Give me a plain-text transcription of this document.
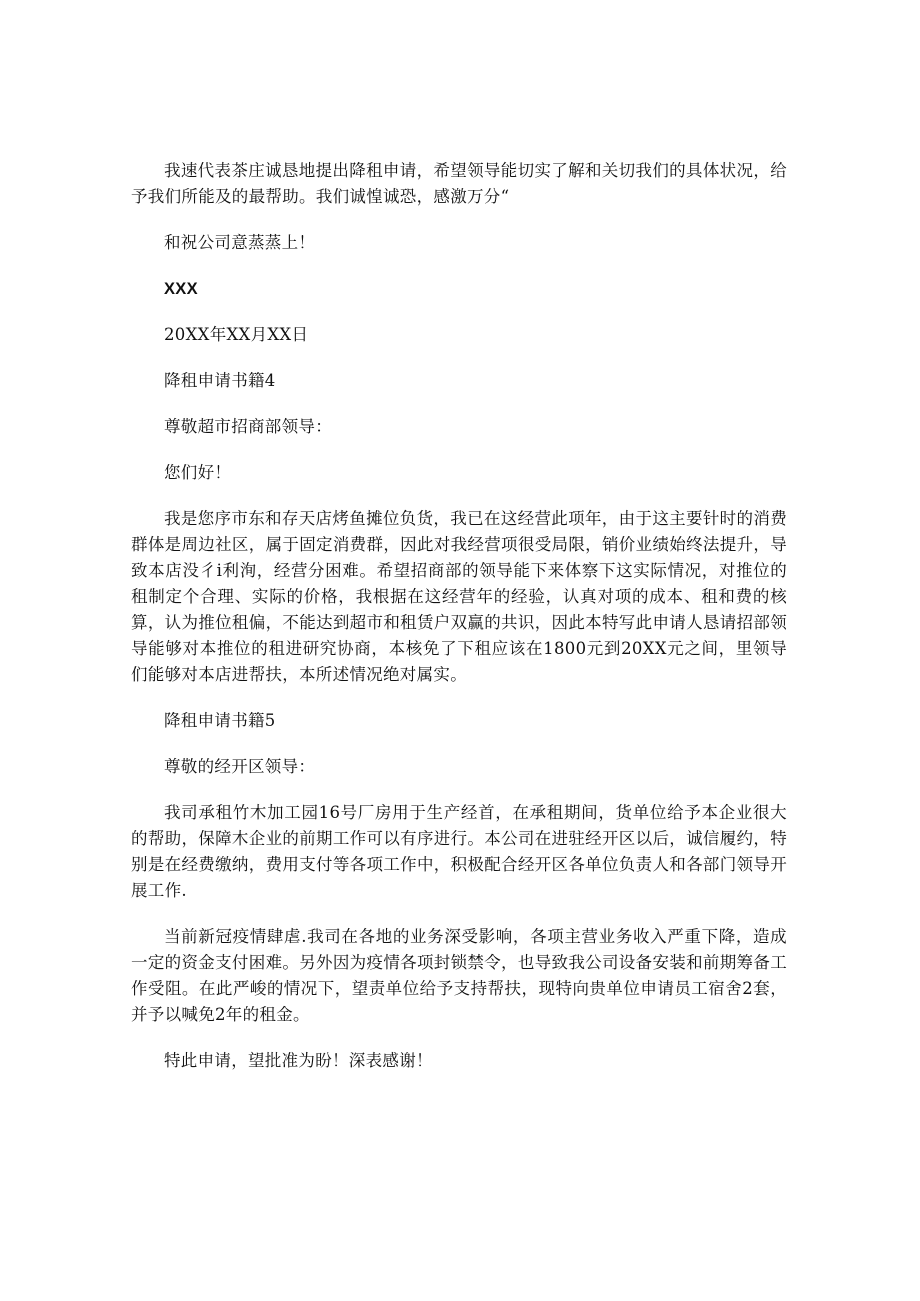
我速代表茶庄诚恳地提出降租申请，希望领导能切实了解和关切我们的具体状况，给予我们所能及的最帮助。我们诚惶诚恐，感激万分“

和祝公司意蒸蒸上！

XXX

20XX年XX月XX日

降租申请书籍4

尊敬超市招商部领导：

您们好！

我是您序市东和存天店烤鱼摊位负货，我已在这经营此项年，由于这主要针时的消费群体是周边社区，属于固定消费群，因此对我经营项很受局限，销价业绩始终法提升，导致本店没彳i利洵，经营分困难。希望招商部的领导能下来体察下这实际情况，对推位的租制定个合理、实际的价格，我根据在这经营年的经验，认真对项的成本、租和费的核算，认为推位租偏，不能达到超市和租赁户双赢的共识，因此本特写此申请人恳请招部领导能够对本推位的租进研究协商，本核免了下租应该在1800元到20XX元之间，里领导们能够对本店进帮扶，本所述情况绝对属实。

降租申请书籍5

尊敬的经开区领导：

我司承租竹木加工园16号厂房用于生产经首，在承租期间，货单位给予本企业很大的帮助，保障木企业的前期工作可以有序进行。本公司在进驻经开区以后，诚信履约，特别是在经费缴纳，费用支付等各项工作中，积极配合经开区各单位负责人和各部门领导开展工作.

当前新冠疫情肆虐.我司在各地的业务深受影响，各项主营业务收入严重下降，造成一定的资金支付困难。另外因为疫情各项封锁禁令，也导致我公司设备安装和前期筹备工作受阻。在此严峻的情况下，望责单位给予支持帮扶，现特向贵单位申请员工宿舍2套，并予以喊免2年的租金。

特此申请，望批准为盼！深表感谢！
